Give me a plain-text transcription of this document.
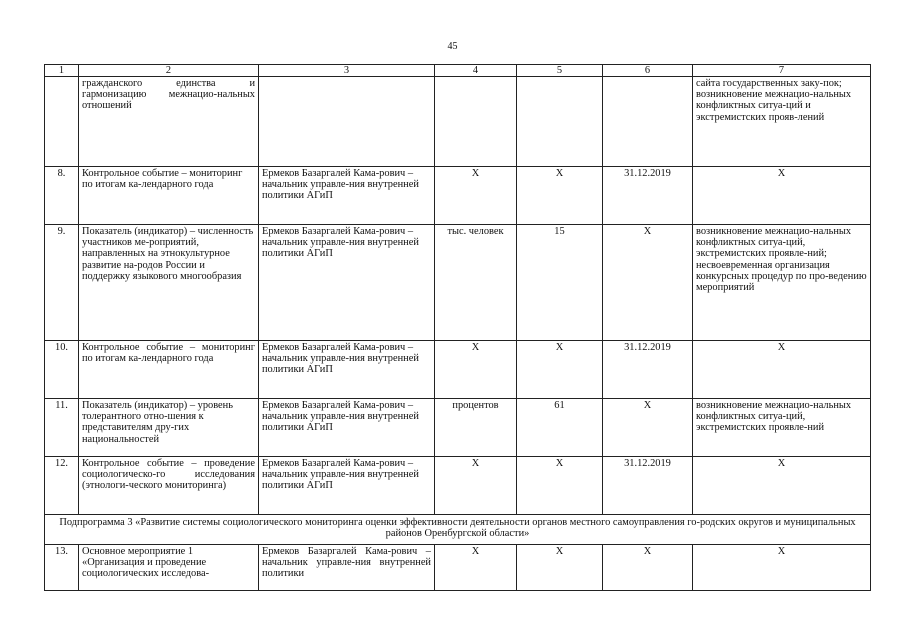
45
1	2	3	4	5	6	7
	гражданского единства и гармонизацию межнацио-нальных отношений					сайта государственных заку-пок;
возникновение межнацио-нальных конфликтных ситуа-ций и экстремистских прояв-лений
8.	Контрольное событие – мониторинг по итогам ка-лендарного года	Ермеков Базаргалей Кама-рович – начальник управле-ния внутренней политики АГиП	Х	Х	31.12.2019	Х
9.	Показатель (индикатор) – численность участников ме-роприятий, направленных на этнокультурное развитие на-родов России и поддержку языкового многообразия	Ермеков Базаргалей Кама-рович – начальник управле-ния внутренней политики АГиП	тыс. человек	15	Х	возникновение межнацио-нальных конфликтных ситуа-ций, экстремистских проявле-ний;
несвоевременная организация конкурсных процедур по про-ведению мероприятий
10.	Контрольное событие – мониторинг по итогам ка-лендарного года	Ермеков Базаргалей Кама-рович – начальник управле-ния внутренней политики АГиП	Х	Х	31.12.2019	Х
11.	Показатель (индикатор) – уровень толерантного отно-шения к представителям дру-гих национальностей	Ермеков Базаргалей Кама-рович – начальник управле-ния внутренней политики АГиП	процентов	61	Х	возникновение межнацио-нальных конфликтных ситуа-ций, экстремистских проявле-ний
12.	Контрольное событие – проведение социологическо-го исследования (этнологи-ческого мониторинга)	Ермеков Базаргалей Кама-рович – начальник управле-ния внутренней политики АГиП	Х	Х	31.12.2019	Х
Подпрограмма 3 «Развитие системы социологического мониторинга оценки эффективности деятельности органов местного самоуправления го-родских округов и муниципальных районов Оренбургской области»						
13.	Основное мероприятие 1 «Организация и проведение социологических исследова-	Ермеков Базаргалей Кама-рович – начальник управле-ния внутренней политики	Х	Х	Х	Х
